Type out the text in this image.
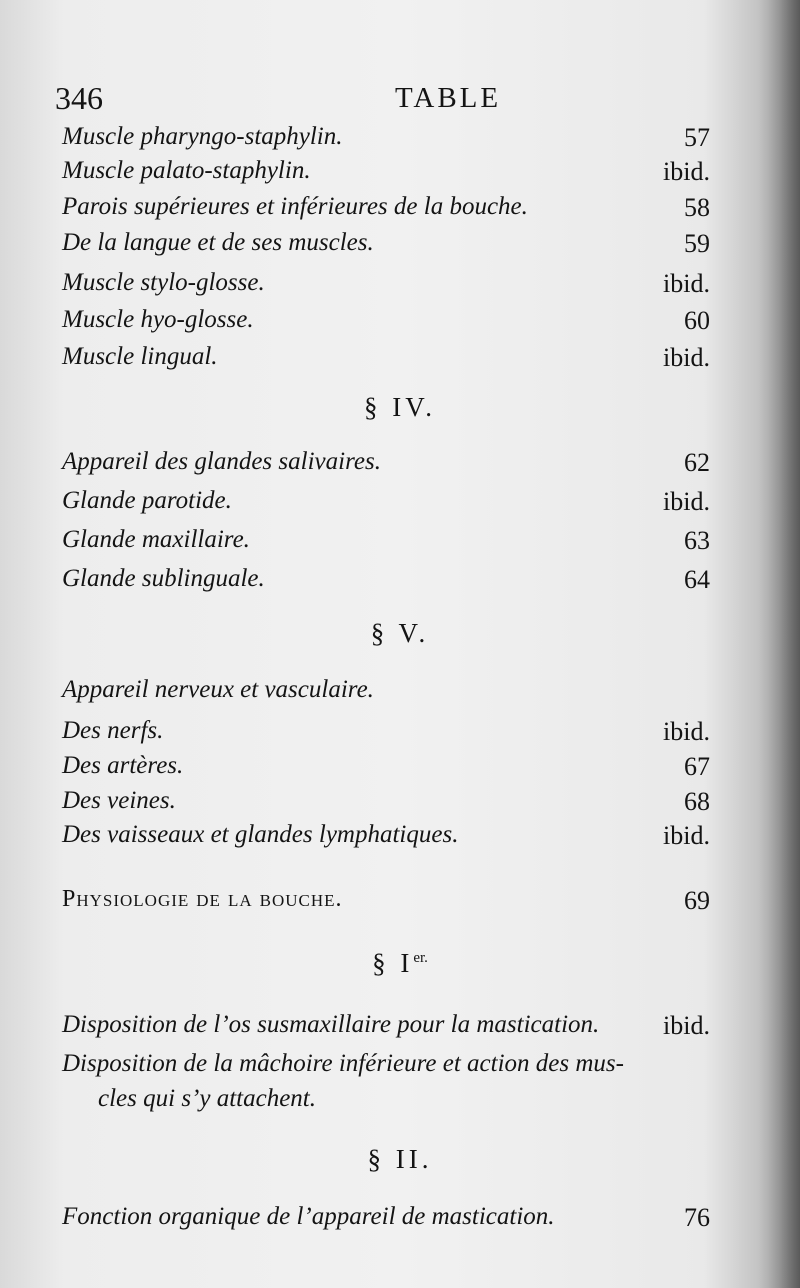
346	TABLE
Muscle pharyngo-staphylin.	57
Muscle palato-staphylin.	ibid.
Parois supérieures et inférieures de la bouche.	58
De la langue et de ses muscles.	59
Muscle stylo-glosse.	ibid.
Muscle hyo-glosse.	60
Muscle lingual.	ibid.
§ IV.
Appareil des glandes salivaires.	62
Glande parotide.	ibid.
Glande maxillaire.	63
Glande sublinguale.	64
§ V.
Appareil nerveux et vasculaire.
Des nerfs.	ibid.
Des artères.	67
Des veines.	68
Des vaisseaux et glandes lymphatiques.	ibid.
Physiologie de la bouche.	69
§ $I^{er.}$
Disposition de l’os susmaxillaire pour la mastication. ibid.
Disposition de la mâchoire inférieure et action des mus-
cles qui s’y attachent.
§ II.
Fonction organique de l’appareil de mastication.	76
